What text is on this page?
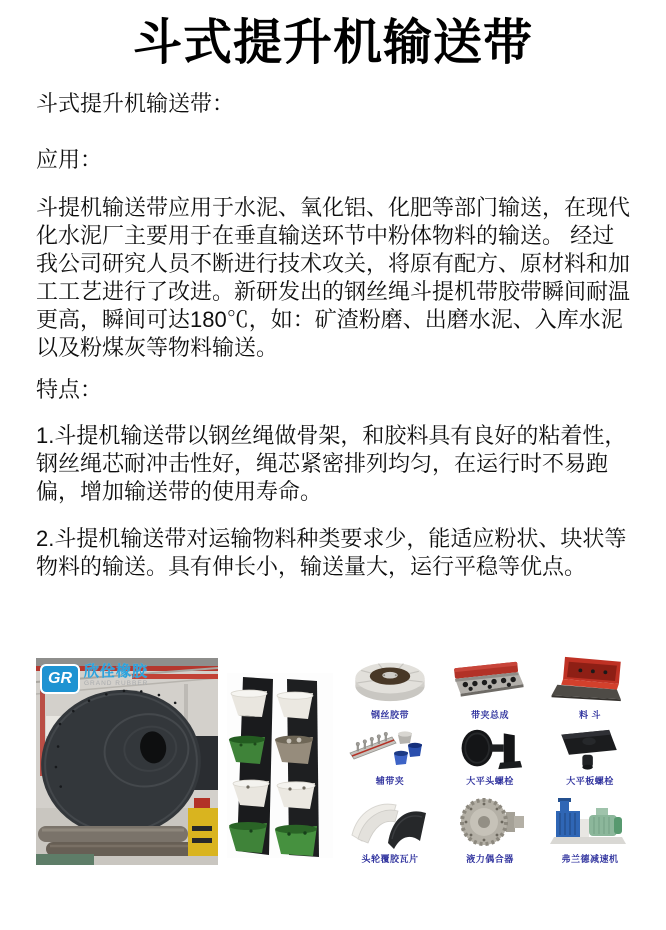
斗式提升机输送带

斗式提升机输送带：

应用：

斗提机输送带应用于水泥、氧化铝、化肥等部门输送，在现代化水泥厂主要用于在垂直输送环节中粉体物料的输送。 经过我公司研究人员不断进行技术攻关，将原有配方、原材料和加工工艺进行了改进。新研发出的钢丝绳斗提机带胶带瞬间耐温更高，瞬间可达180℃，如：矿渣粉磨、出磨水泥、入库水泥以及粉煤灰等物料输送。

特点：

1.斗提机输送带以钢丝绳做骨架，和胶料具有良好的粘着性，钢丝绳芯耐冲击性好，绳芯紧密排列均匀，在运行时不易跑偏，增加输送带的使用寿命。

2.斗提机输送带对运输物料种类要求少，能适应粉状、块状等物料的输送。具有伸长小，输送量大，运行平稳等优点。

GR 欣佺橡胶
GRAND RUBBER
钢丝胶带	带夹总成	料 斗
辅带夹	大平头螺栓	大平板螺栓
头轮覆胶瓦片	液力偶合器	弗兰德减速机
